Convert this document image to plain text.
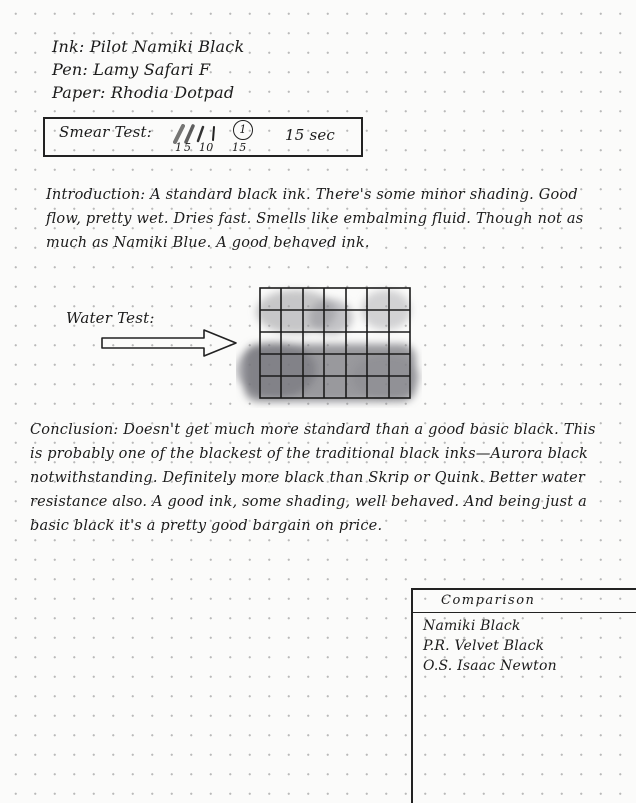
Ink: Pilot Namiki Black
Pen: Lamy Safari F
Paper: Rhodia Dotpad
Smear Test:
1 5 10 15
1	15 sec
Introduction: A standard black ink. There's some minor shading. Good flow, pretty wet. Dries fast. Smells like embalming fluid. Though not as much as Namiki Blue. A good behaved ink.
Water Test:
Conclusion: Doesn't get much more standard than a good basic black. This is probably one of the blackest of the traditional black inks—Aurora black notwithstanding. Definitely more black than Skrip or Quink. Better water resistance also. A good ink, some shading, well behaved. And being just a basic black it's a pretty good bargain on price.
Comparison
Namiki Black
P.R. Velvet Black
O.S. Isaac Newton
